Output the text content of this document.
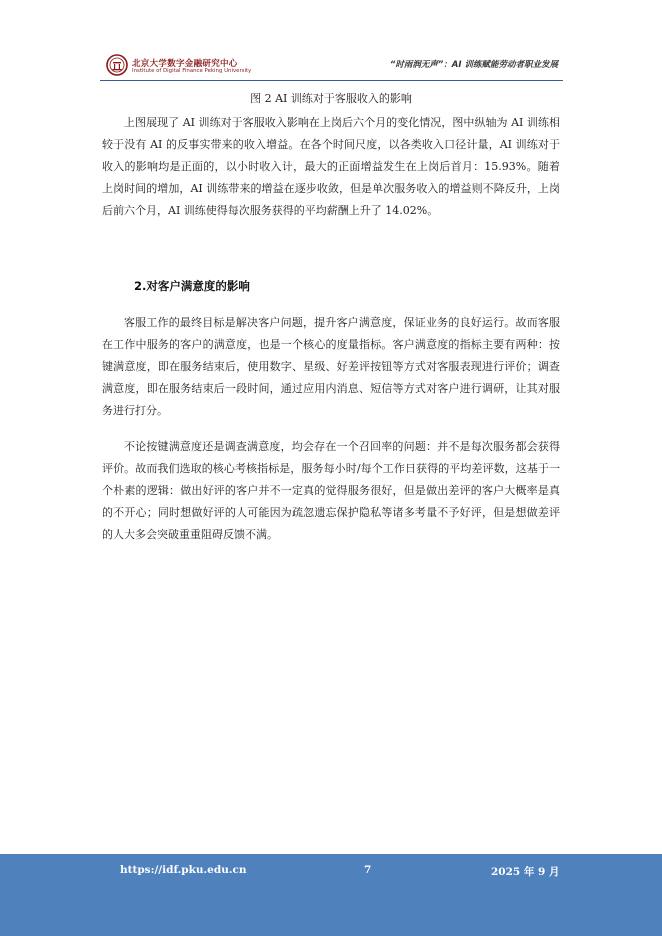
北京大学数字金融研究中心
Institute of Digital Finance Peking University
“时雨润无声”：AI 训练赋能劳动者职业发展
图 2 AI 训练对于客服收入的影响

上图展现了 AI 训练对于客服收入影响在上岗后六个月的变化情况，图中纵轴为 AI 训练相较于没有 AI 的反事实带来的收入增益。在各个时间尺度，以各类收入口径计量，AI 训练对于收入的影响均是正面的，以小时收入计，最大的正面增益发生在上岗后首月：15.93%。随着上岗时间的增加，AI 训练带来的增益在逐步收敛，但是单次服务收入的增益则不降反升，上岗后前六个月，AI 训练使得每次服务获得的平均薪酬上升了 14.02%。

2.对客户满意度的影响

客服工作的最终目标是解决客户问题，提升客户满意度，保证业务的良好运行。故而客服在工作中服务的客户的满意度，也是一个核心的度量指标。客户满意度的指标主要有两种：按键满意度，即在服务结束后，使用数字、星级、好差评按钮等方式对客服表现进行评价；调查满意度，即在服务结束后一段时间，通过应用内消息、短信等方式对客户进行调研，让其对服务进行打分。

不论按键满意度还是调查满意度，均会存在一个召回率的问题：并不是每次服务都会获得评价。故而我们选取的核心考核指标是，服务每小时/每个工作日获得的平均差评数，这基于一个朴素的逻辑：做出好评的客户并不一定真的觉得服务很好，但是做出差评的客户大概率是真的不开心；同时想做好评的人可能因为疏忽遗忘保护隐私等诸多考量不予好评，但是想做差评的人大多会突破重重阻碍反馈不满。

https://idf.pku.edu.cn	7	2025 年 9 月
